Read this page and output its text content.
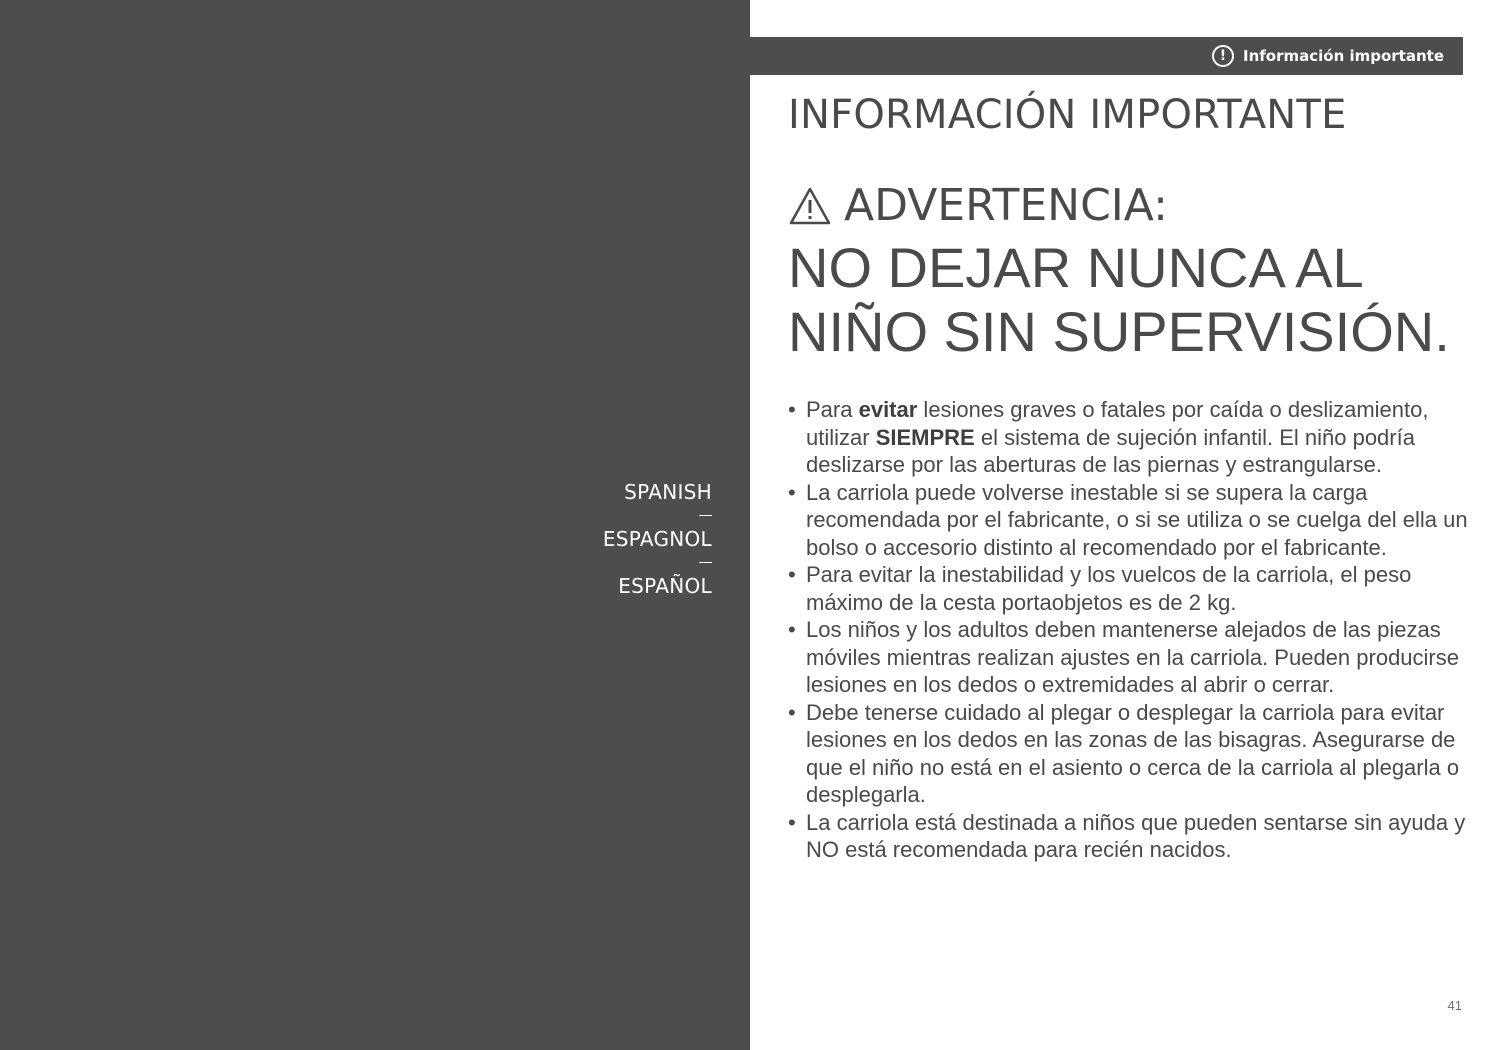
SPANISH
ESPAGNOL
ESPAÑOL
!	Información importante
INFORMACIÓN IMPORTANTE
ADVERTENCIA:

NO DEJAR NUNCA AL

NIÑO SIN SUPERVISIÓN.

• Para evitar lesiones graves o fatales por caída o deslizamiento, utilizar SIEMPRE el sistema de sujeción infantil. El niño podría deslizarse por las aberturas de las piernas y estrangularse.
• La carriola puede volverse inestable si se supera la carga recomendada por el fabricante, o si se utiliza o se cuelga del ella un bolso o accesorio distinto al recomendado por el fabricante.
• Para evitar la inestabilidad y los vuelcos de la carriola, el peso máximo de la cesta portaobjetos es de 2 kg.
• Los niños y los adultos deben mantenerse alejados de las piezas móviles mientras realizan ajustes en la carriola. Pueden producirse lesiones en los dedos o extremidades al abrir o cerrar.
• Debe tenerse cuidado al plegar o desplegar la carriola para evitar lesiones en los dedos en las zonas de las bisagras. Asegurarse de que el niño no está en el asiento o cerca de la carriola al plegarla o desplegarla.
• La carriola está destinada a niños que pueden sentarse sin ayuda y NO está recomendada para recién nacidos.
41
